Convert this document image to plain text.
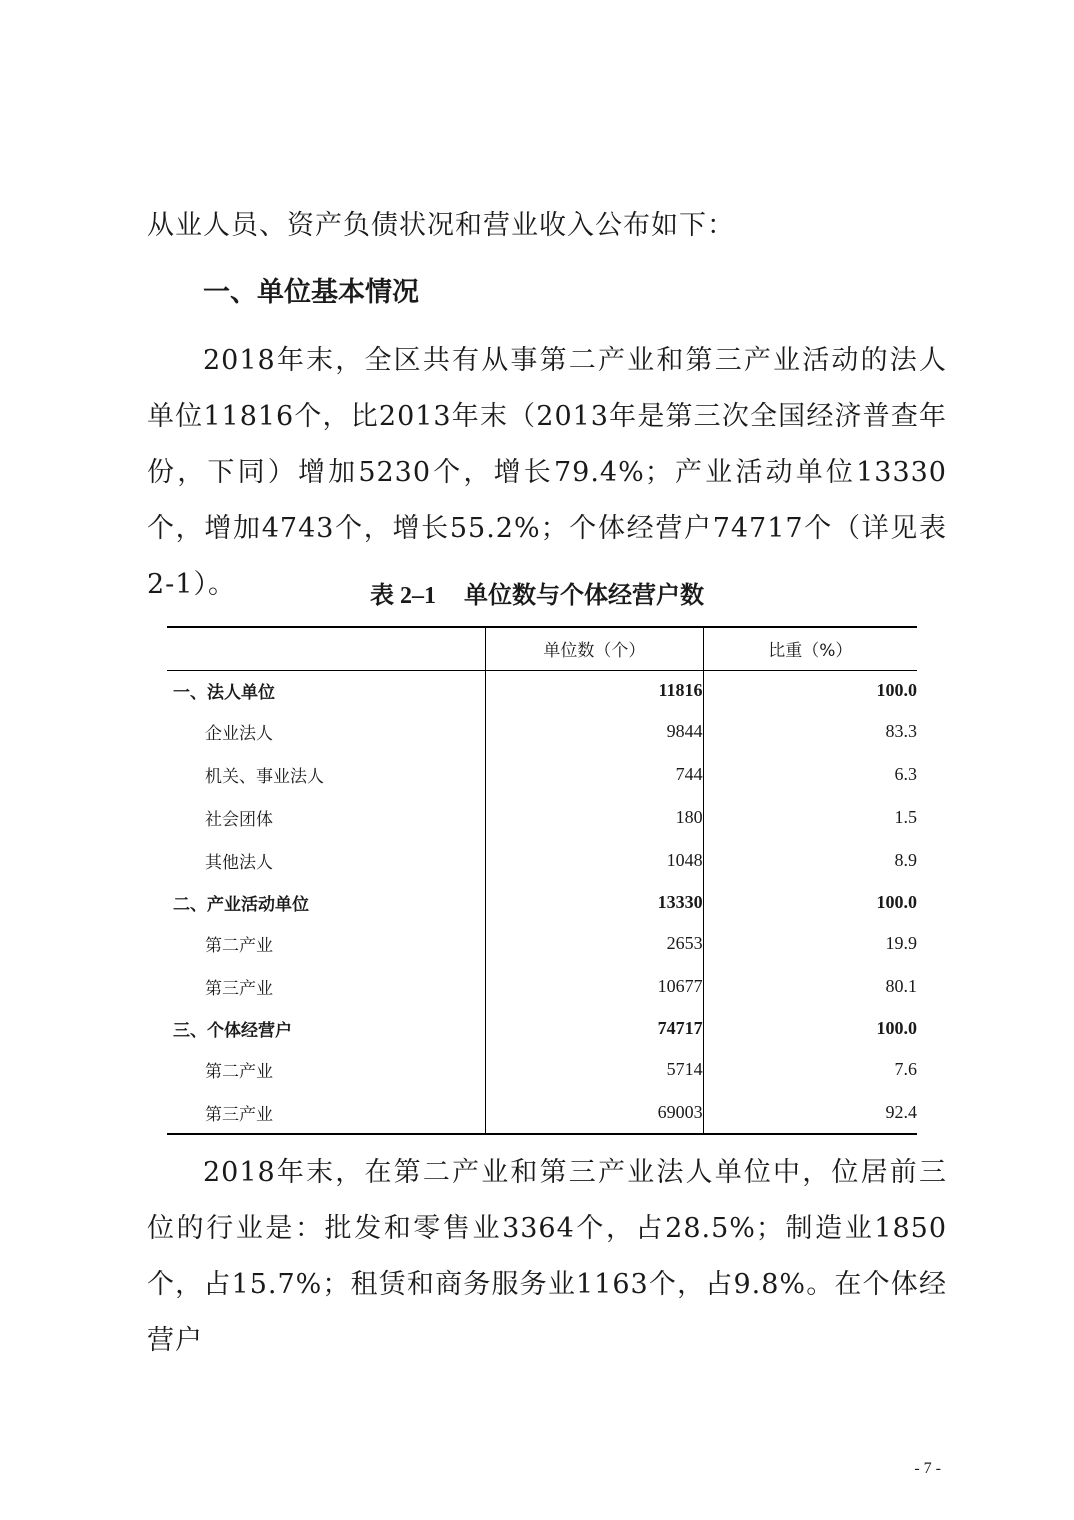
从业人员、资产负债状况和营业收入公布如下：

一、单位基本情况

2018年末，全区共有从事第二产业和第三产业活动的法人单位11816个，比2013年末（2013年是第三次全国经济普查年份，下同）增加5230个，增长79.4%；产业活动单位13330个，增加4743个，增长55.2%；个体经营户74717个（详见表2-1）。	表 2–1 单位数与个体经营户数
	单位数（个）	比重（%）
一、法人单位	11816	100.0
企业法人	9844	83.3
机关、事业法人	744	6.3
社会团体	180	1.5
其他法人	1048	8.9
二、产业活动单位	13330	100.0
第二产业	2653	19.9
第三产业	10677	80.1
三、个体经营户	74717	100.0
第二产业	5714	7.6
第三产业	69003	92.4

2018年末，在第二产业和第三产业法人单位中，位居前三位的行业是：批发和零售业3364个，占28.5%；制造业1850个，占15.7%；租赁和商务服务业1163个，占9.8%。在个体经营户

- 7 -
